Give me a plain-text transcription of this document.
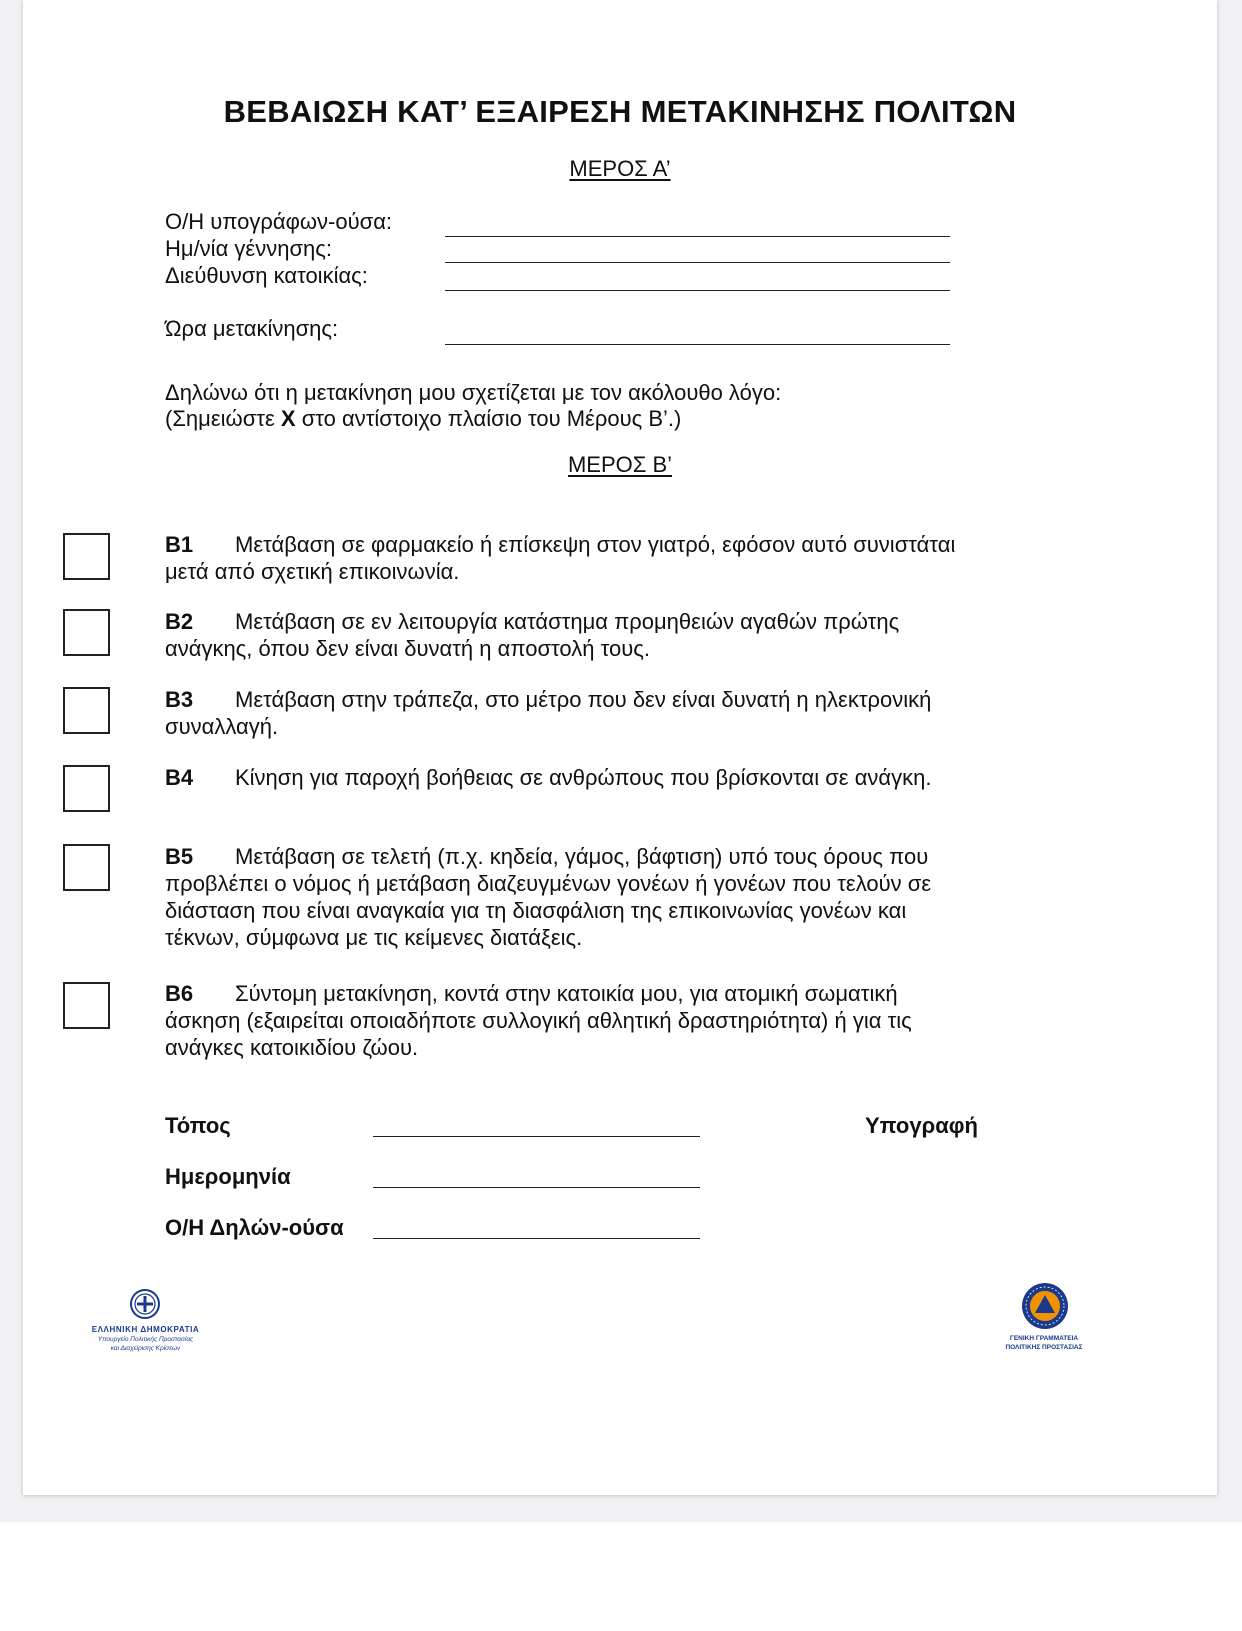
ΒΕΒΑΙΩΣΗ ΚΑΤ’ ΕΞΑΙΡΕΣΗ ΜΕΤΑΚΙΝΗΣΗΣ ΠΟΛΙΤΩΝ
ΜΕΡΟΣ Α’
Ο/Η υπογράφων-ούσα:
Ημ/νία γέννησης:
Διεύθυνση κατοικίας:
Ώρα μετακίνησης:
Δηλώνω ότι η μετακίνηση μου σχετίζεται με τον ακόλουθο λόγο:
(Σημειώστε X στο αντίστοιχο πλαίσιο του Μέρους Β’.)
ΜΕΡΟΣ Β’
Β1 Μετάβαση σε φαρμακείο ή επίσκεψη στον γιατρό, εφόσον αυτό συνιστάται
μετά από σχετική επικοινωνία.
Β2 Μετάβαση σε εν λειτουργία κατάστημα προμηθειών αγαθών πρώτης
ανάγκης, όπου δεν είναι δυνατή η αποστολή τους.
Β3 Μετάβαση στην τράπεζα, στο μέτρο που δεν είναι δυνατή η ηλεκτρονική
συναλλαγή.
Β4 Κίνηση για παροχή βοήθειας σε ανθρώπους που βρίσκονται σε ανάγκη.
Β5 Μετάβαση σε τελετή (π.χ. κηδεία, γάμος, βάφτιση) υπό τους όρους που
προβλέπει ο νόμος ή μετάβαση διαζευγμένων γονέων ή γονέων που τελούν σε
διάσταση που είναι αναγκαία για τη διασφάλιση της επικοινωνίας γονέων και
τέκνων, σύμφωνα με τις κείμενες διατάξεις.
Β6 Σύντομη μετακίνηση, κοντά στην κατοικία μου, για ατομική σωματική
άσκηση (εξαιρείται οποιαδήποτε συλλογική αθλητική δραστηριότητα) ή για τις
ανάγκες κατοικιδίου ζώου.
Τόπος
Ημερομηνία
Ο/Η Δηλών-ούσα
Υπογραφή
ΕΛΛΗΝΙΚΗ ΔΗΜΟΚΡΑΤΙΑ
Υπουργείο Πολιτικής Προστασίας
και Διαχείρισης Κρίσεων
ΓΕΝΙΚΗ ΓΡΑΜΜΑΤΕΙΑ
ΠΟΛΙΤΙΚΗΣ ΠΡΟΣΤΑΣΙΑΣ
